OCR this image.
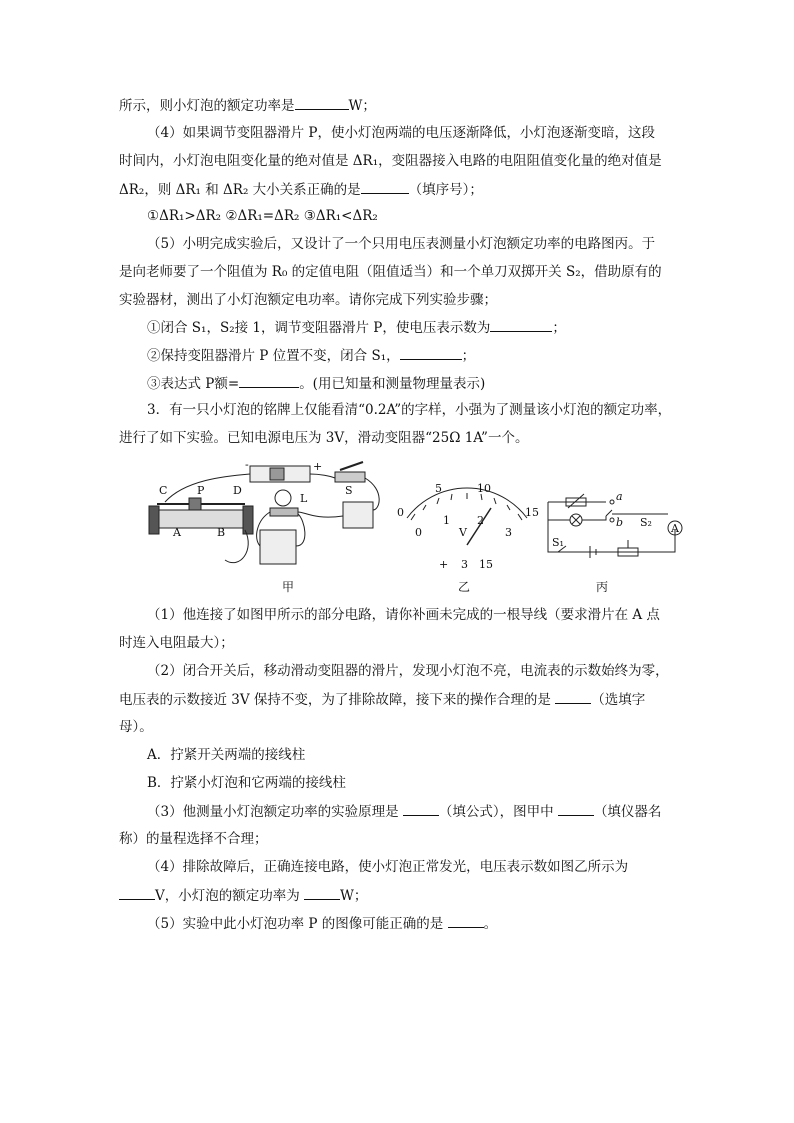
所示，则小灯泡的额定功率是	W；
（4）如果调节变阻器滑片 P，使小灯泡两端的电压逐渐降低，小灯泡逐渐变暗，这段
时间内，小灯泡电阻变化量的绝对值是 ΔR₁，变阻器接入电路的电阻阻值变化量的绝对值是
ΔR₂，则 ΔR₁ 和 ΔR₂ 大小关系正确的是	（填序号）；
①ΔR₁>ΔR₂ ②ΔR₁=ΔR₂ ③ΔR₁<ΔR₂
（5）小明完成实验后，又设计了一个只用电压表测量小灯泡额定功率的电路图丙。于
是向老师要了一个阻值为 R₀ 的定值电阻（阻值适当）和一个单刀双掷开关 S₂，借助原有的
实验器材，测出了小灯泡额定电功率。请你完成下列实验步骤；
①闭合 S₁，S₂接 1，调节变阻器滑片 P，使电压表示数为	；
②保持变阻器滑片 P 位置不变，闭合 S₁，	；
③表达式 P额=	。(用已知量和测量物理量表示)
3．有一只小灯泡的铭牌上仅能看清“0.2A”的字样，小强为了测量该小灯泡的额定功率，
进行了如下实验。已知电源电压为 3V，滑动变阻器“25Ω 1A”一个。
C	P	D
A	B
L
S
-	+
甲
0
5	10
15
0
1 2
3
V
+ 3 15
乙
a
b S₂ A
S₁
丙
（1）他连接了如图甲所示的部分电路，请你补画未完成的一根导线（要求滑片在 A 点
时连入电阻最大）；
（2）闭合开关后，移动滑动变阻器的滑片，发现小灯泡不亮，电流表的示数始终为零，
电压表的示数接近 3V 保持不变，为了排除故障，接下来的操作合理的是	（选填字
母）。
A．拧紧开关两端的接线柱
B．拧紧小灯泡和它两端的接线柱
（3）他测量小灯泡额定功率的实验原理是	（填公式），图甲中	（填仪器名
称）的量程选择不合理；
（4）排除故障后，正确连接电路，使小灯泡正常发光，电压表示数如图乙所示为
V，小灯泡的额定功率为	W；
（5）实验中此小灯泡功率 P 的图像可能正确的是	。
